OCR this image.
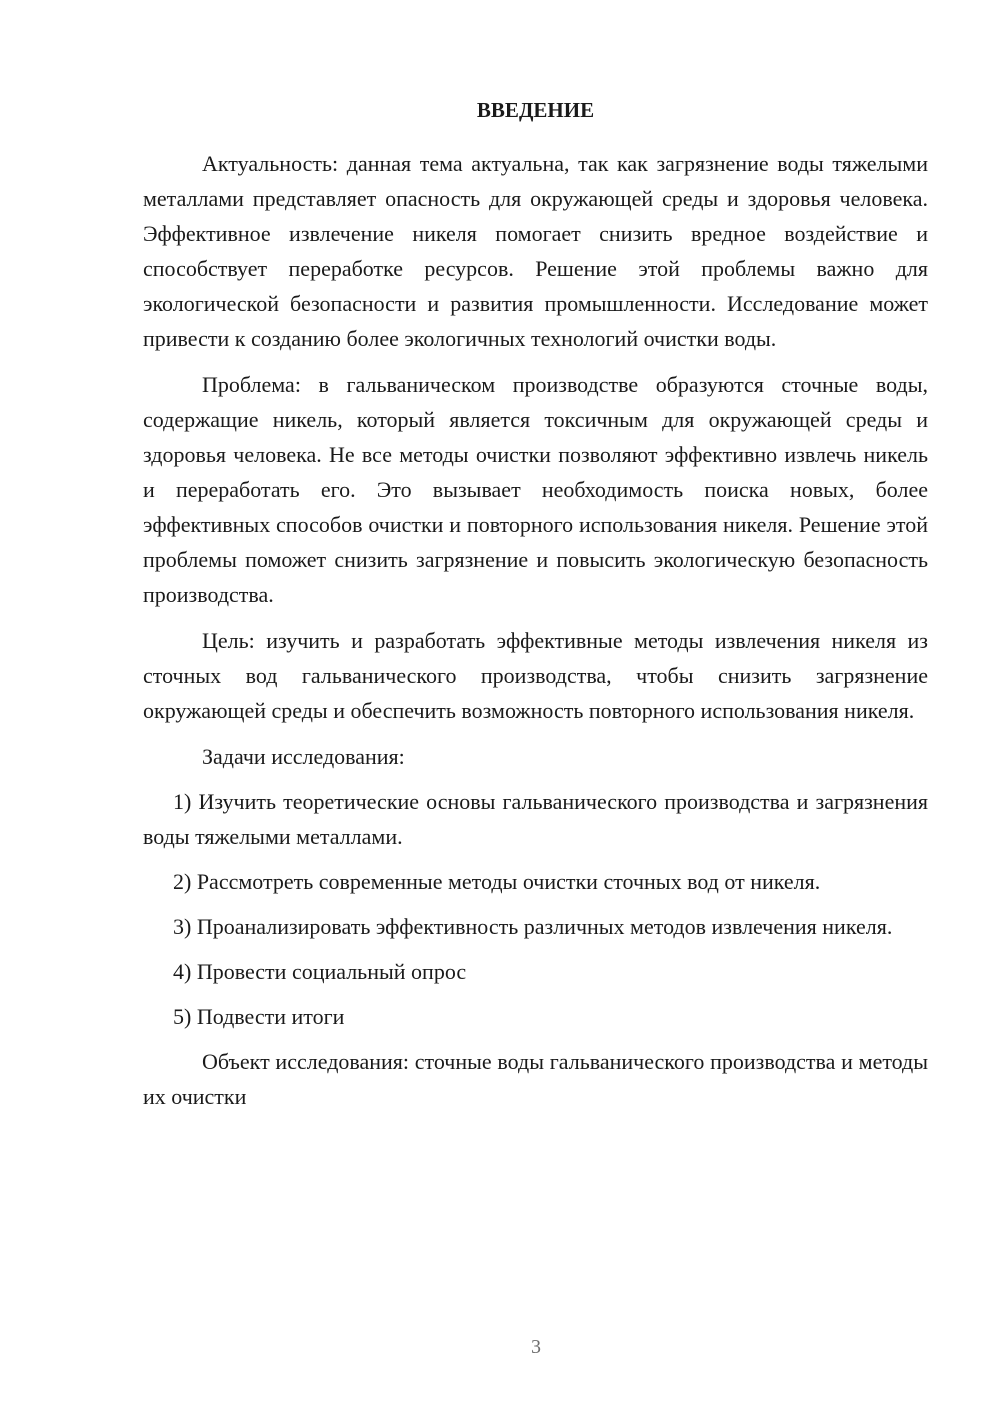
ВВЕДЕНИЕ

Актуальность: данная тема актуальна, так как загрязнение воды тяжелыми металлами представляет опасность для окружающей среды и здоровья человека. Эффективное извлечение никеля помогает снизить вредное воздействие и способствует переработке ресурсов. Решение этой проблемы важно для экологической безопасности и развития промышленности. Исследование может привести к созданию более экологичных технологий очистки воды.

Проблема: в гальваническом производстве образуются сточные воды, содержащие никель, который является токсичным для окружающей среды и здоровья человека. Не все методы очистки позволяют эффективно извлечь никель и переработать его. Это вызывает необходимость поиска новых, более эффективных способов очистки и повторного использования никеля. Решение этой проблемы поможет снизить загрязнение и повысить экологическую безопасность производства.

Цель: изучить и разработать эффективные методы извлечения никеля из сточных вод гальванического производства, чтобы снизить загрязнение окружающей среды и обеспечить возможность повторного использования никеля.

Задачи исследования:

1) Изучить теоретические основы гальванического производства и загрязнения воды тяжелыми металлами.

2) Рассмотреть современные методы очистки сточных вод от никеля.

3) Проанализировать эффективность различных методов извлечения никеля.

4) Провести социальный опрос

5) Подвести итоги

Объект исследования: сточные воды гальванического производства и методы их очистки

3
